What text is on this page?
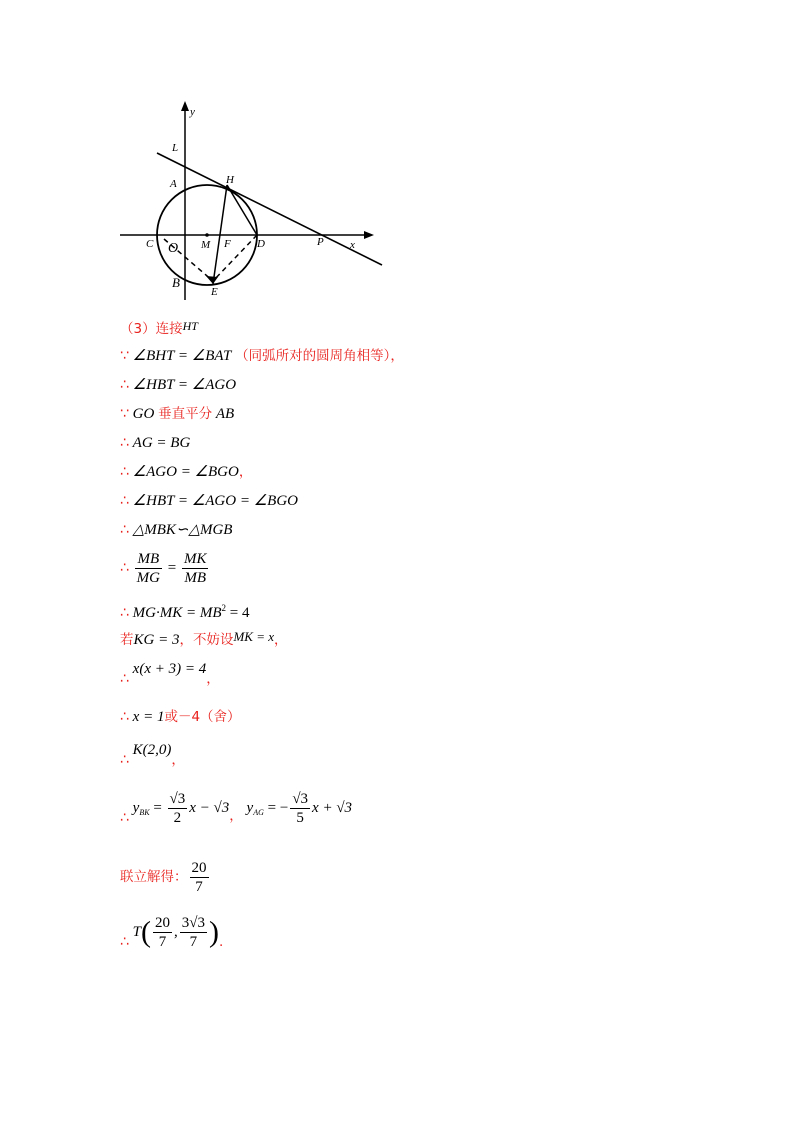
y
x
L
A	H
C O M F D	P
B
E
（3）连接$^{HT}$
∵ ∠BHT = ∠BAT （同弧所对的圆周角相等），
∴ ∠HBT = ∠AGO
∵ GO 垂直平分 AB
∴ AG = BG
∴ ∠AGO = ∠BGO，
∴ ∠HBT = ∠AGO = ∠BGO
∴ △MBK∽△MGB
∴ $\frac{MB}{MG} = \frac{MK}{MB}$
∴ $MG\cdot MK = MB^2 = 4$
若KG = 3，不妨设MK = x，
∴ x(x + 3) = 4，
∴ x = 1或－4（舍）
∴ K(2,0)，
∴ $y_{BK} = \frac{√3}{2}$ x − √3， $y_{AG}$ = − $\frac{√3}{5}$ x + √3
联立解得： $\frac{20}{7}$
∴ $T( \frac{20}{7}$ , $\frac{3√3}{7}$ ).
